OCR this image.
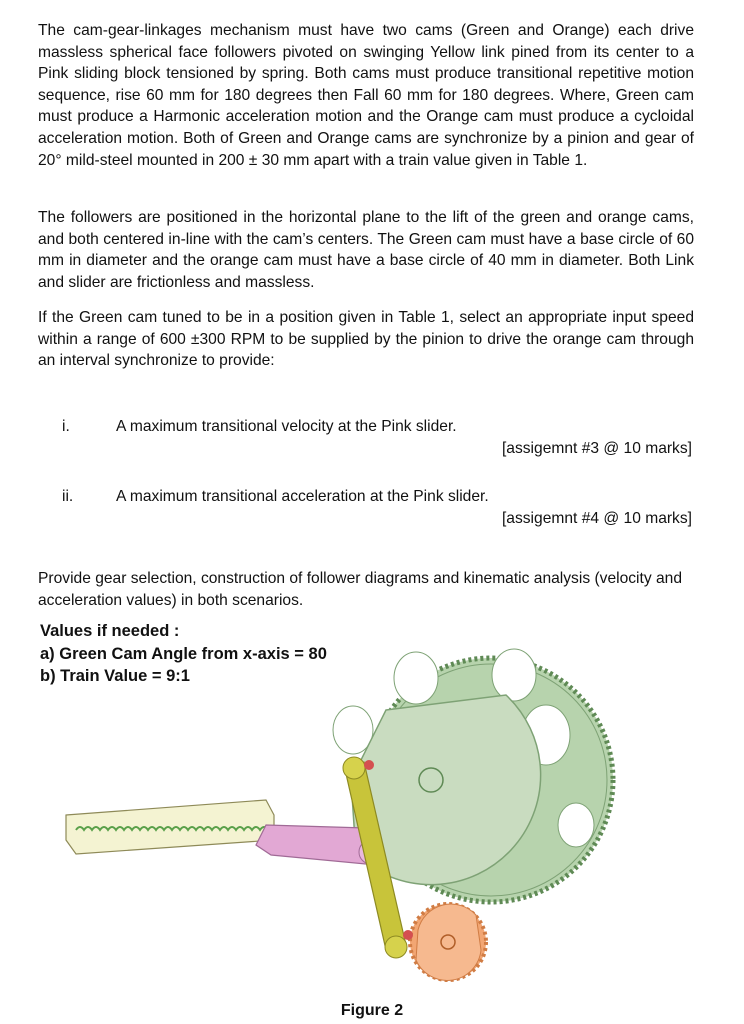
The cam-gear-linkages mechanism must have two cams (Green and Orange) each drive massless spherical face followers pivoted on swinging Yellow link pined from its center to a Pink sliding block tensioned by spring. Both cams must produce transitional repetitive motion sequence, rise 60 mm for 180 degrees then Fall 60 mm for 180 degrees. Where, Green cam must produce a Harmonic acceleration motion and the Orange cam must produce a cycloidal acceleration motion. Both of Green and Orange cams are synchronize by a pinion and gear of 20° mild-steel mounted in 200 ± 30 mm apart with a train value given in Table 1.

The followers are positioned in the horizontal plane to the lift of the green and orange cams, and both centered in-line with the cam’s centers. The Green cam must have a base circle of 60 mm in diameter and the orange cam must have a base circle of 40 mm in diameter. Both Link and slider are frictionless and massless.

If the Green cam tuned to be in a position given in Table 1, select an appropriate input speed within a range of 600 ±300 RPM to be supplied by the pinion to drive the orange cam through an interval synchronize to provide:

i.	A maximum transitional velocity at the Pink slider.
[assigemnt #3 @ 10 marks]
ii.	A maximum transitional acceleration at the Pink slider.
[assigemnt #4 @ 10 marks]

Provide gear selection, construction of follower diagrams and kinematic analysis (velocity and acceleration values) in both scenarios.

Values if needed :
a) Green Cam Angle from x-axis = 80
b) Train Value = 9:1
Figure 2
